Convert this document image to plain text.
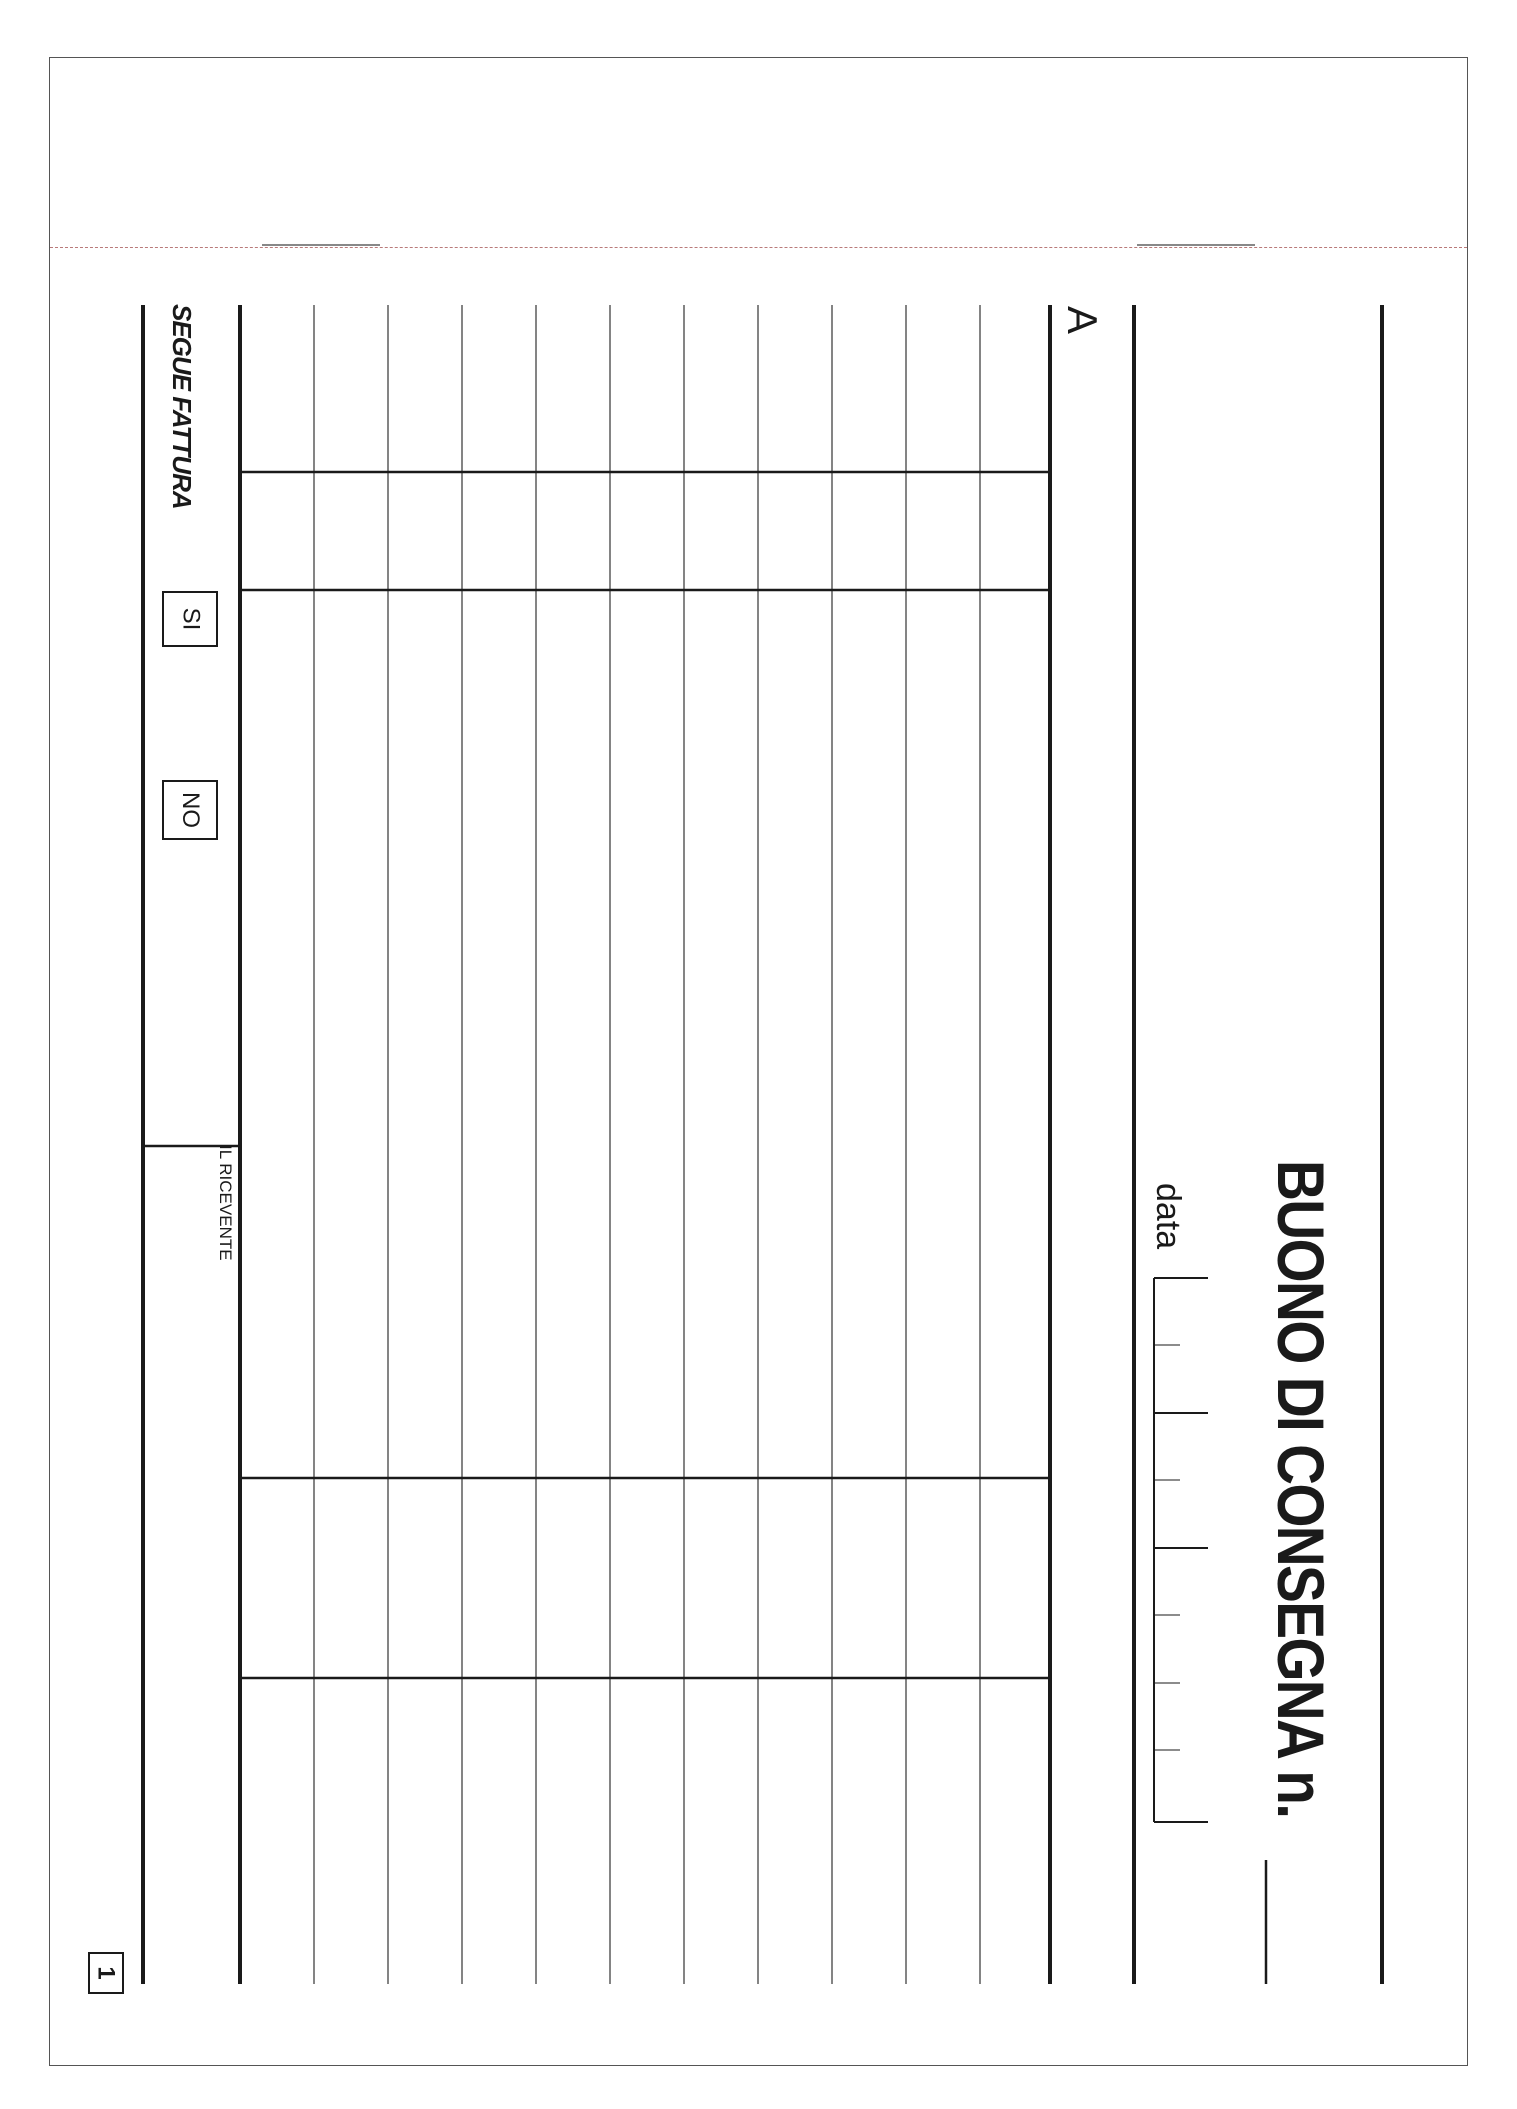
BUONO DI CONSEGNA n.
data
A
SEGUE FATTURA
IL RICEVENTE
SI
NO
1
